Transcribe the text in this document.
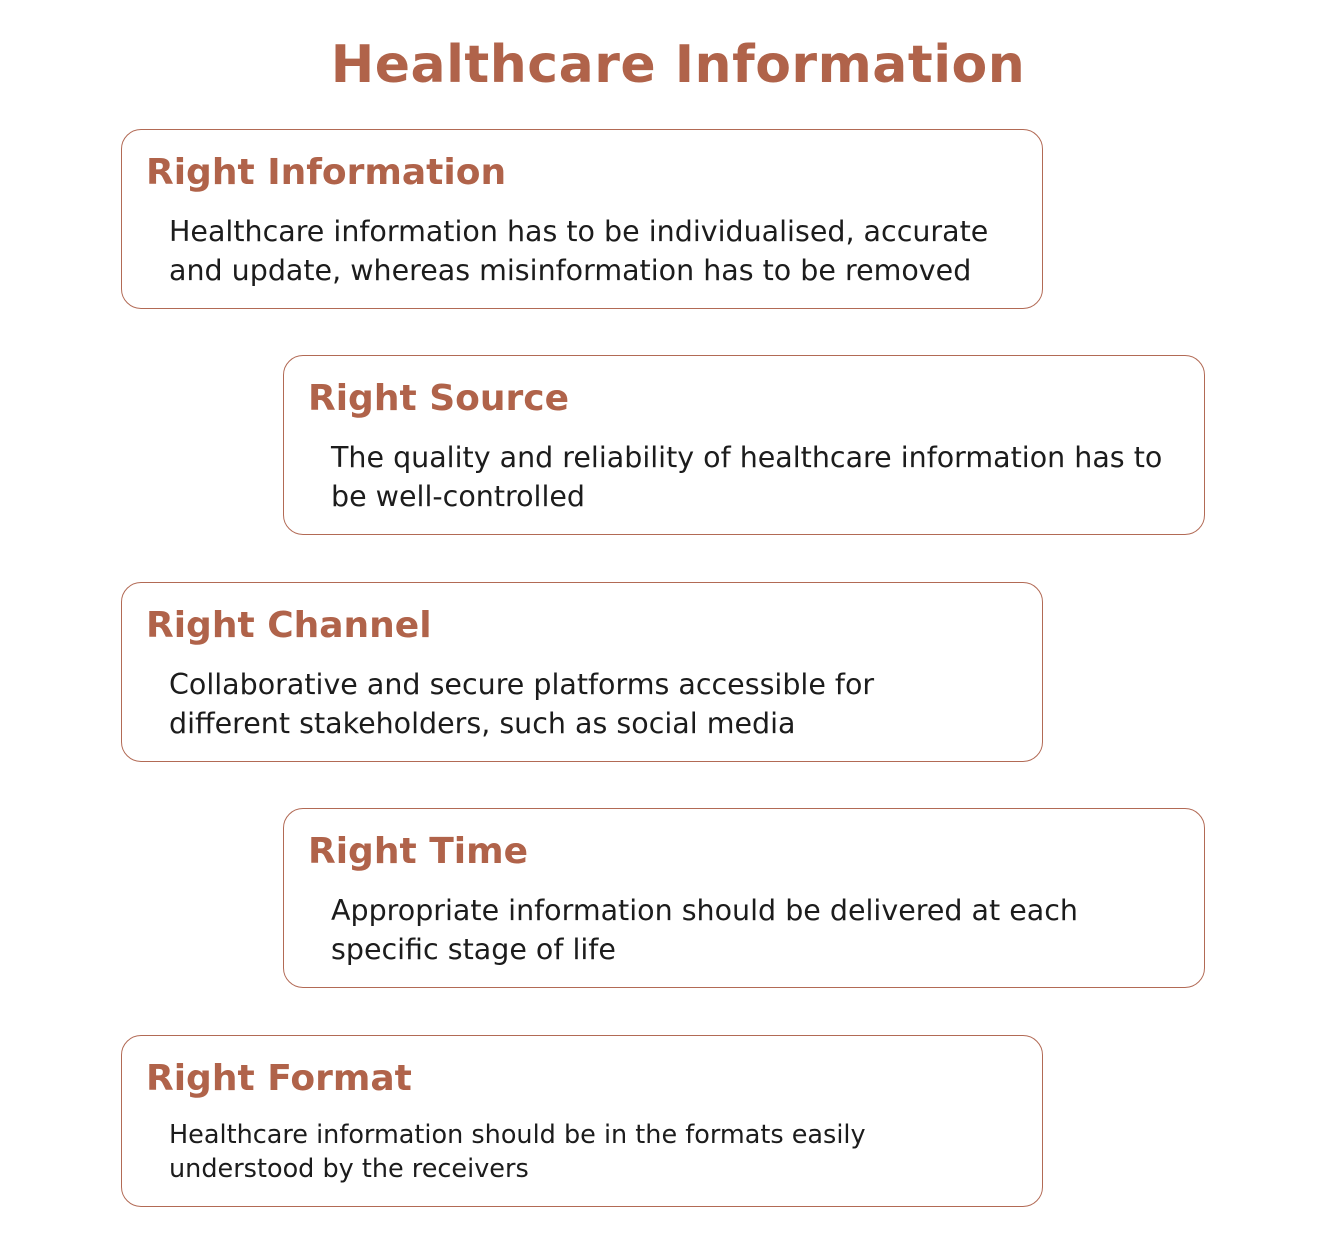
Healthcare Information
Right Information
Healthcare information has to be individualised, accurate and update, whereas misinformation has to be removed
Right Source
The quality and reliability of healthcare information has to be well-controlled
Right Channel
Collaborative and secure platforms accessible for different stakeholders, such as social media
Right Time
Appropriate information should be delivered at each specific stage of life
Right Format
Healthcare information should be in the formats easily understood by the receivers
